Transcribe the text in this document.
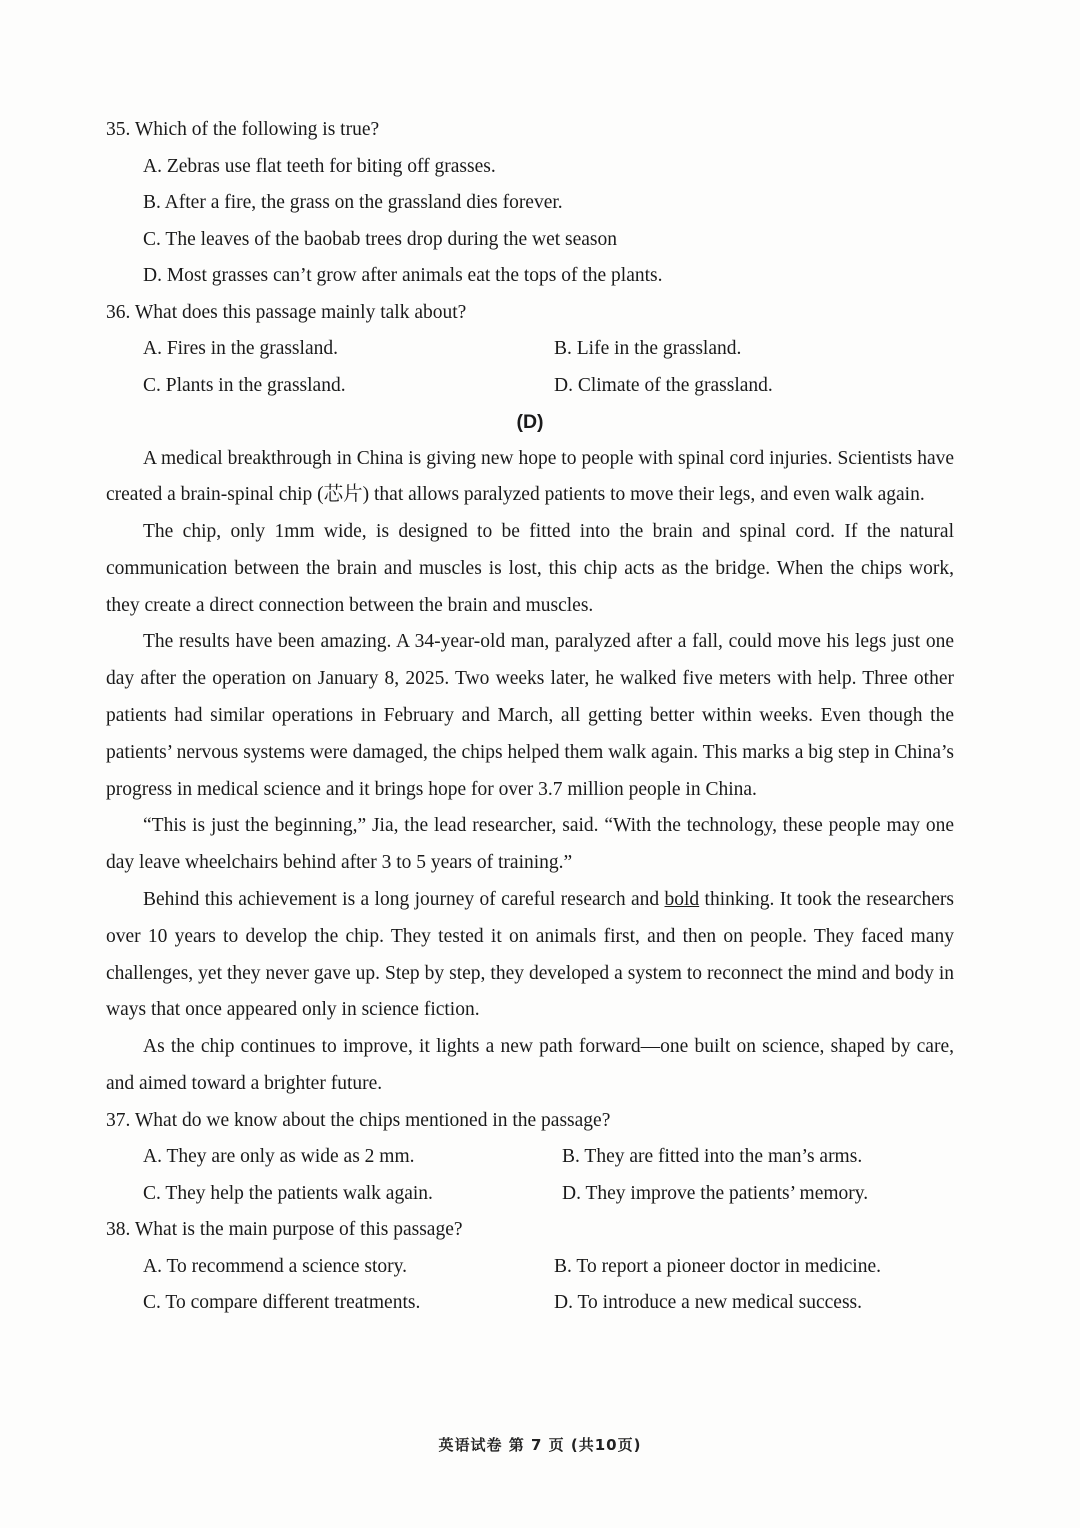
35. Which of the following is true?
A. Zebras use flat teeth for biting off grasses.
B. After a fire, the grass on the grassland dies forever.
C. The leaves of the baobab trees drop during the wet season
D. Most grasses can’t grow after animals eat the tops of the plants.
36. What does this passage mainly talk about?
A. Fires in the grassland.	B. Life in the grassland.
C. Plants in the grassland.	D. Climate of the grassland.
(D)

A medical breakthrough in China is giving new hope to people with spinal cord injuries. Scientists have created a brain-spinal chip (芯片) that allows paralyzed patients to move their legs, and even walk again.

The chip, only 1mm wide, is designed to be fitted into the brain and spinal cord. If the natural communication between the brain and muscles is lost, this chip acts as the bridge. When the chips work, they create a direct connection between the brain and muscles.

The results have been amazing. A 34-year-old man, paralyzed after a fall, could move his legs just one day after the operation on January 8, 2025. Two weeks later, he walked five meters with help. Three other patients had similar operations in February and March, all getting better within weeks. Even though the patients’ nervous systems were damaged, the chips helped them walk again. This marks a big step in China’s progress in medical science and it brings hope for over 3.7 million people in China.

“This is just the beginning,” Jia, the lead researcher, said. “With the technology, these people may one day leave wheelchairs behind after 3 to 5 years of training.”

Behind this achievement is a long journey of careful research and bold thinking. It took the researchers over 10 years to develop the chip. They tested it on animals first, and then on people. They faced many challenges, yet they never gave up. Step by step, they developed a system to reconnect the mind and body in ways that once appeared only in science fiction.

As the chip continues to improve, it lights a new path forward—one built on science, shaped by care, and aimed toward a brighter future.

37. What do we know about the chips mentioned in the passage?
A. They are only as wide as 2 mm.	B. They are fitted into the man’s arms.
C. They help the patients walk again.	D. They improve the patients’ memory.
38. What is the main purpose of this passage?
A. To recommend a science story.	B. To report a pioneer doctor in medicine.
C. To compare different treatments.	D. To introduce a new medical success.
英语试卷 第 7 页 (共10页)
